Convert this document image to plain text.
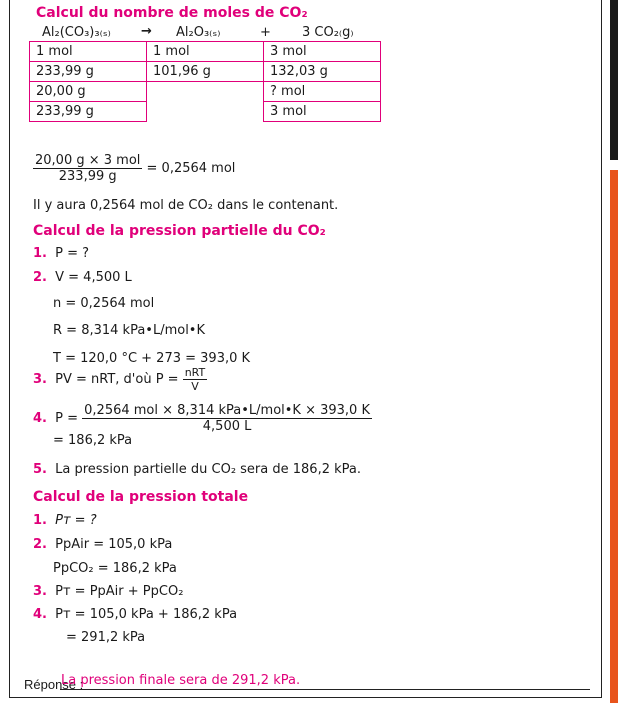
Calcul du nombre de moles de CO₂
Al₂(CO₃)₃₍ₛ₎ → Al₂O₃₍ₛ₎	+ 3 CO₂₍g₎
1 mol	1 mol	3 mol
233,99 g	101,96 g	132,03 g
20,00 g		? mol
233,99 g		3 mol
$\frac{\text{20,00 g × 3 mol}}{233,99 g} = 0,2564$ mol
Il y aura 0,2564 mol de CO₂ dans le contenant.
Calcul de la pression partielle du CO₂
1. P = ?
2. V = 4,500 L
n = 0,2564 mol
R = 8,314 kPa•L/mol•K
T = 120,0 °C + 273 = 393,0 K
3. PV = nRT, d'où $P = \frac{\text{nRT}}{V}$
4. $P = \frac{\text{0,2564 mol × 8,314 kPa•L/mol•K × 393,0 K}}{4,500 L}$
= 186,2 kPa
5. La pression partielle du CO₂ sera de 186,2 kPa.
Calcul de la pression totale
1. Pт = ?
2. PpAir = 105,0 kPa
PpCO₂ = 186,2 kPa
3. Pт = PpAir + PpCO₂
4. Pт = 105,0 kPa + 186,2 kPa
= 291,2 kPa
Réponse :
La pression finale sera de 291,2 kPa.
